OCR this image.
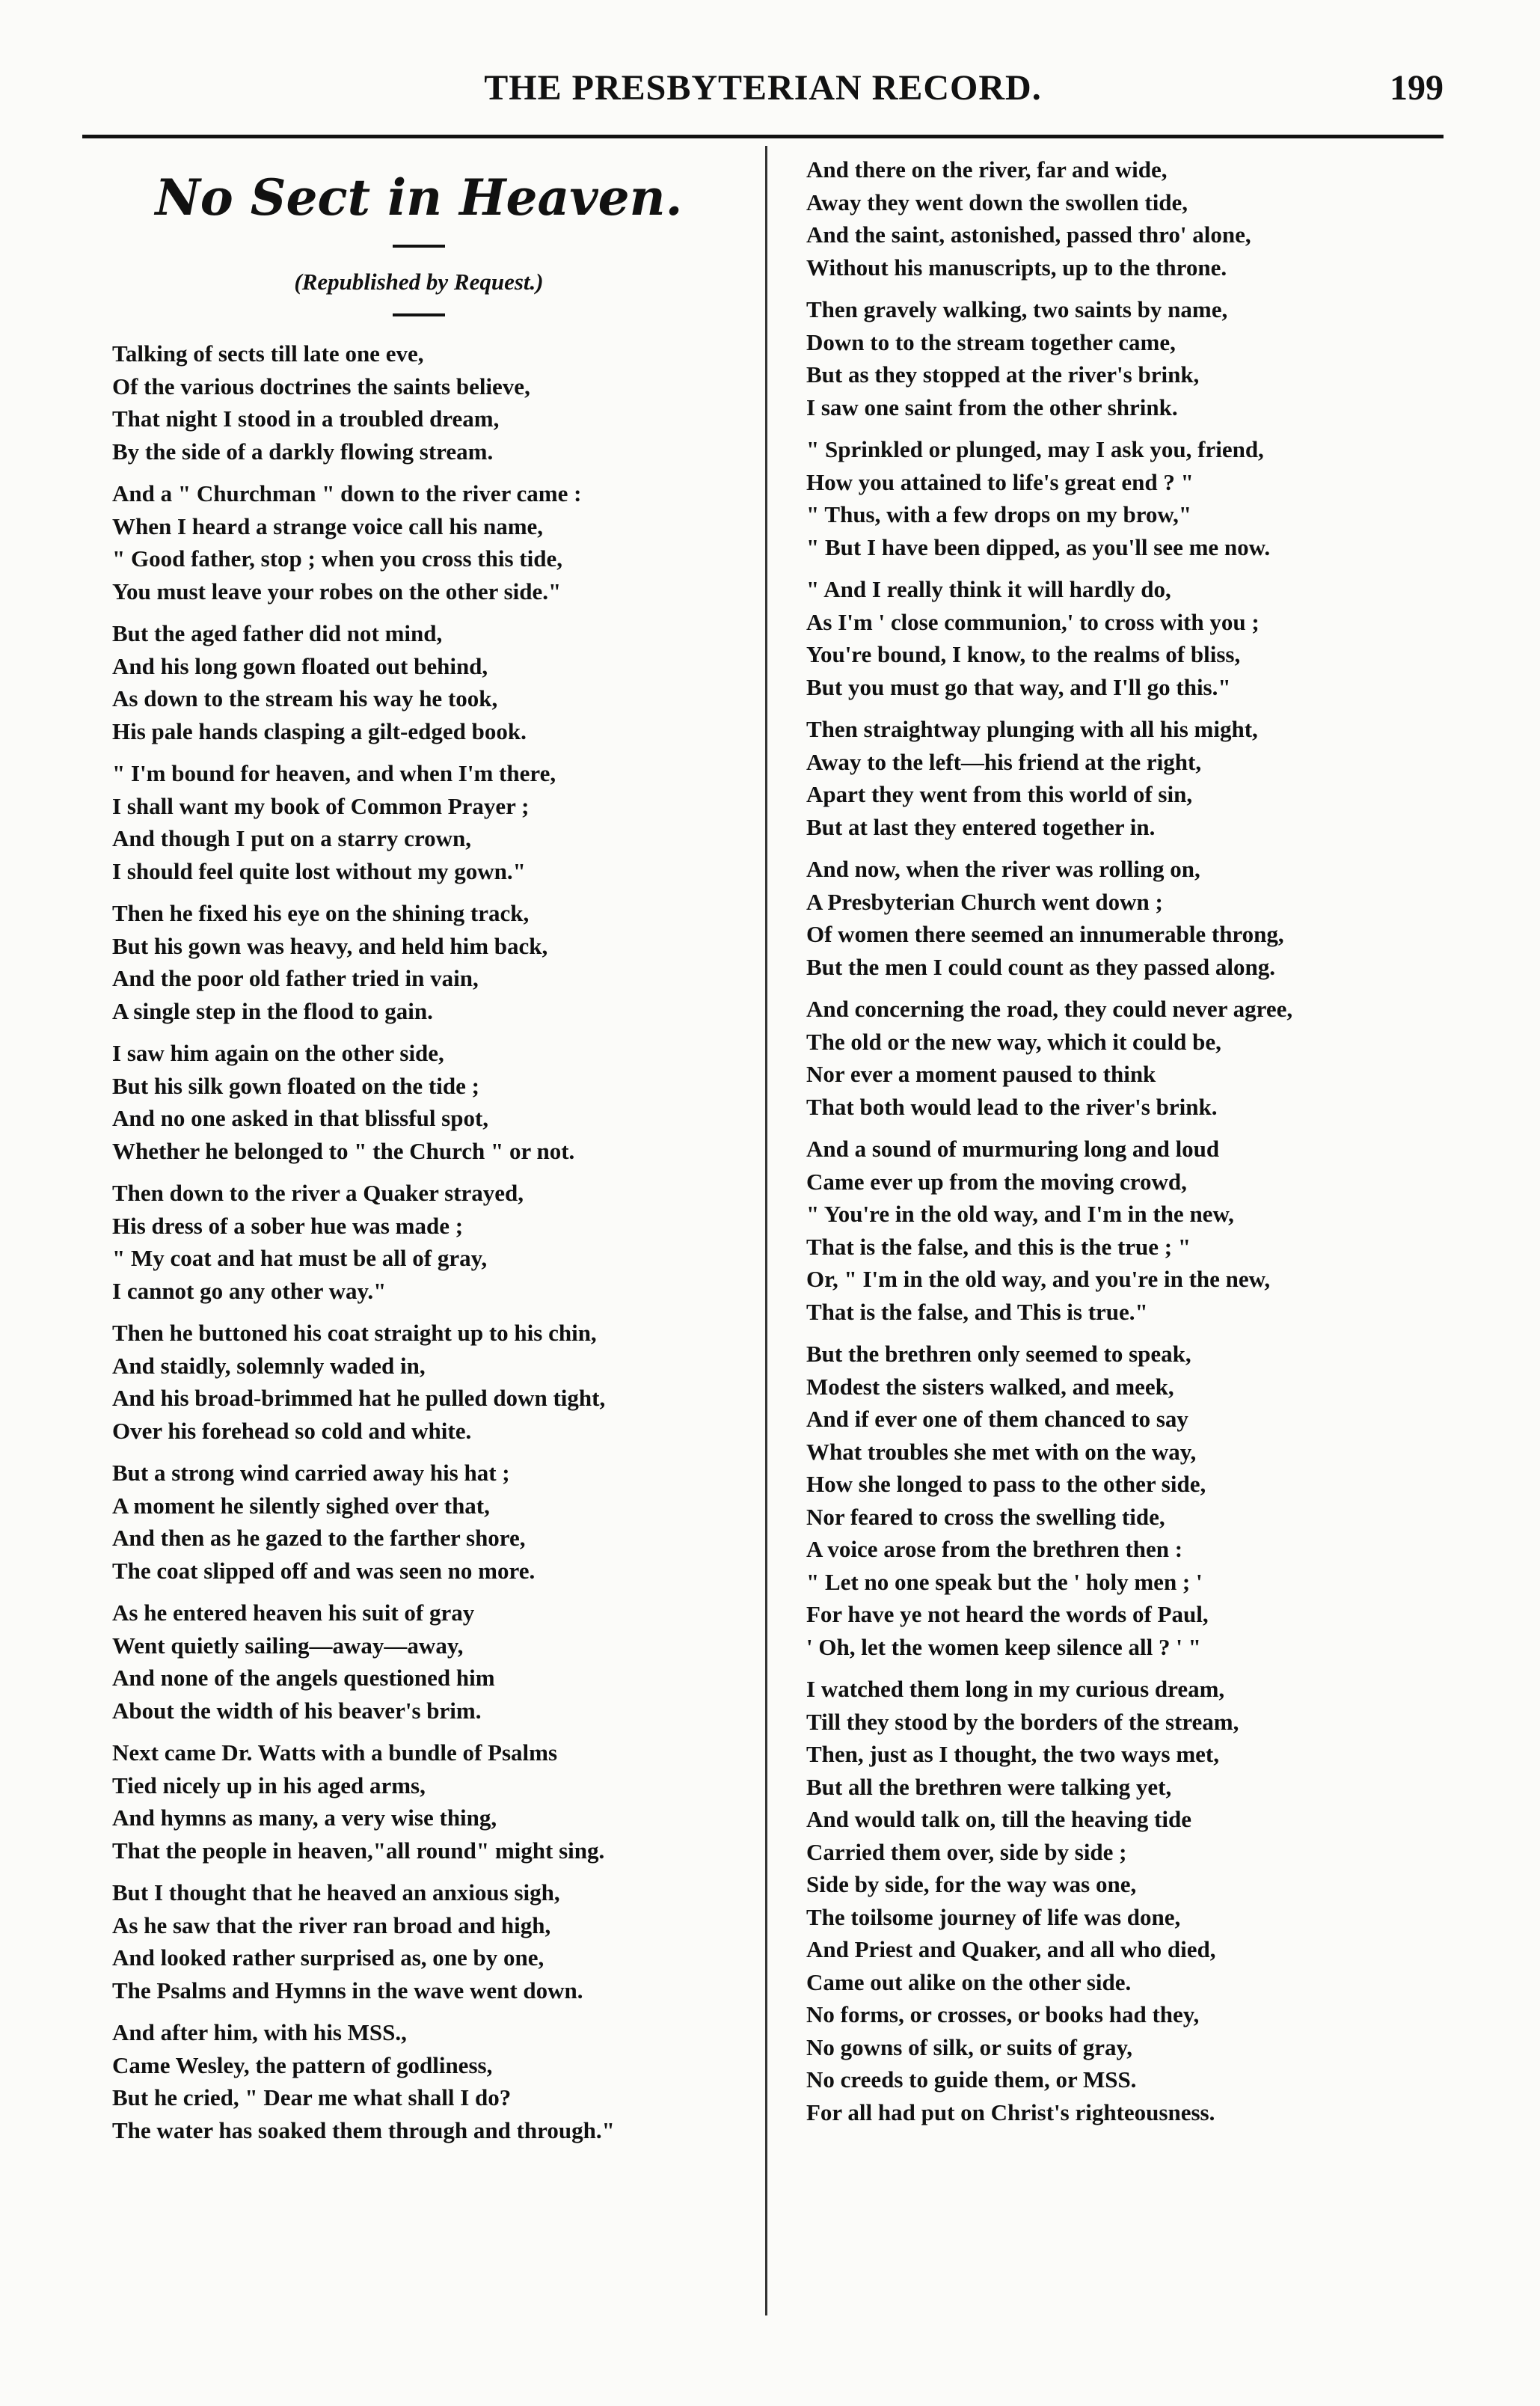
THE PRESBYTERIAN RECORD.	199
No Sect in Heaven.
(Republished by Request.)
Talking of sects till late one eve,
Of the various doctrines the saints believe,
That night I stood in a troubled dream,
By the side of a darkly flowing stream.
And a " Churchman " down to the river came :
When I heard a strange voice call his name,
" Good father, stop ; when you cross this tide,
You must leave your robes on the other side."
But the aged father did not mind,
And his long gown floated out behind,
As down to the stream his way he took,
His pale hands clasping a gilt-edged book.
" I'm bound for heaven, and when I'm there,
I shall want my book of Common Prayer ;
And though I put on a starry crown,
I should feel quite lost without my gown."
Then he fixed his eye on the shining track,
But his gown was heavy, and held him back,
And the poor old father tried in vain,
A single step in the flood to gain.
I saw him again on the other side,
But his silk gown floated on the tide ;
And no one asked in that blissful spot,
Whether he belonged to " the Church " or not.
Then down to the river a Quaker strayed,
His dress of a sober hue was made ;
" My coat and hat must be all of gray,
I cannot go any other way."
Then he buttoned his coat straight up to his chin,
And staidly, solemnly waded in,
And his broad-brimmed hat he pulled down tight,
Over his forehead so cold and white.
But a strong wind carried away his hat ;
A moment he silently sighed over that,
And then as he gazed to the farther shore,
The coat slipped off and was seen no more.
As he entered heaven his suit of gray
Went quietly sailing—away—away,
And none of the angels questioned him
About the width of his beaver's brim.
Next came Dr. Watts with a bundle of Psalms
Tied nicely up in his aged arms,
And hymns as many, a very wise thing,
That the people in heaven,"all round" might sing.
But I thought that he heaved an anxious sigh,
As he saw that the river ran broad and high,
And looked rather surprised as, one by one,
The Psalms and Hymns in the wave went down.
And after him, with his MSS.,
Came Wesley, the pattern of godliness,
But he cried, " Dear me what shall I do?
The water has soaked them through and through."
And there on the river, far and wide,
Away they went down the swollen tide,
And the saint, astonished, passed thro' alone,
Without his manuscripts, up to the throne.
Then gravely walking, two saints by name,
Down to to the stream together came,
But as they stopped at the river's brink,
I saw one saint from the other shrink.
" Sprinkled or plunged, may I ask you, friend,
How you attained to life's great end ? "
" Thus, with a few drops on my brow,"
" But I have been dipped, as you'll see me now.
" And I really think it will hardly do,
As I'm ' close communion,' to cross with you ;
You're bound, I know, to the realms of bliss,
But you must go that way, and I'll go this."
Then straightway plunging with all his might,
Away to the left—his friend at the right,
Apart they went from this world of sin,
But at last they entered together in.
And now, when the river was rolling on,
A Presbyterian Church went down ;
Of women there seemed an innumerable throng,
But the men I could count as they passed along.
And concerning the road, they could never agree,
The old or the new way, which it could be,
Nor ever a moment paused to think
That both would lead to the river's brink.
And a sound of murmuring long and loud
Came ever up from the moving crowd,
" You're in the old way, and I'm in the new,
That is the false, and this is the true ; "
Or, " I'm in the old way, and you're in the new,
That is the false, and This is true."
But the brethren only seemed to speak,
Modest the sisters walked, and meek,
And if ever one of them chanced to say
What troubles she met with on the way,
How she longed to pass to the other side,
Nor feared to cross the swelling tide,
A voice arose from the brethren then :
" Let no one speak but the ' holy men ; '
For have ye not heard the words of Paul,
' Oh, let the women keep silence all ? ' "
I watched them long in my curious dream,
Till they stood by the borders of the stream,
Then, just as I thought, the two ways met,
But all the brethren were talking yet,
And would talk on, till the heaving tide
Carried them over, side by side ;
Side by side, for the way was one,
The toilsome journey of life was done,
And Priest and Quaker, and all who died,
Came out alike on the other side.
No forms, or crosses, or books had they,
No gowns of silk, or suits of gray,
No creeds to guide them, or MSS.
For all had put on Christ's righteousness.
